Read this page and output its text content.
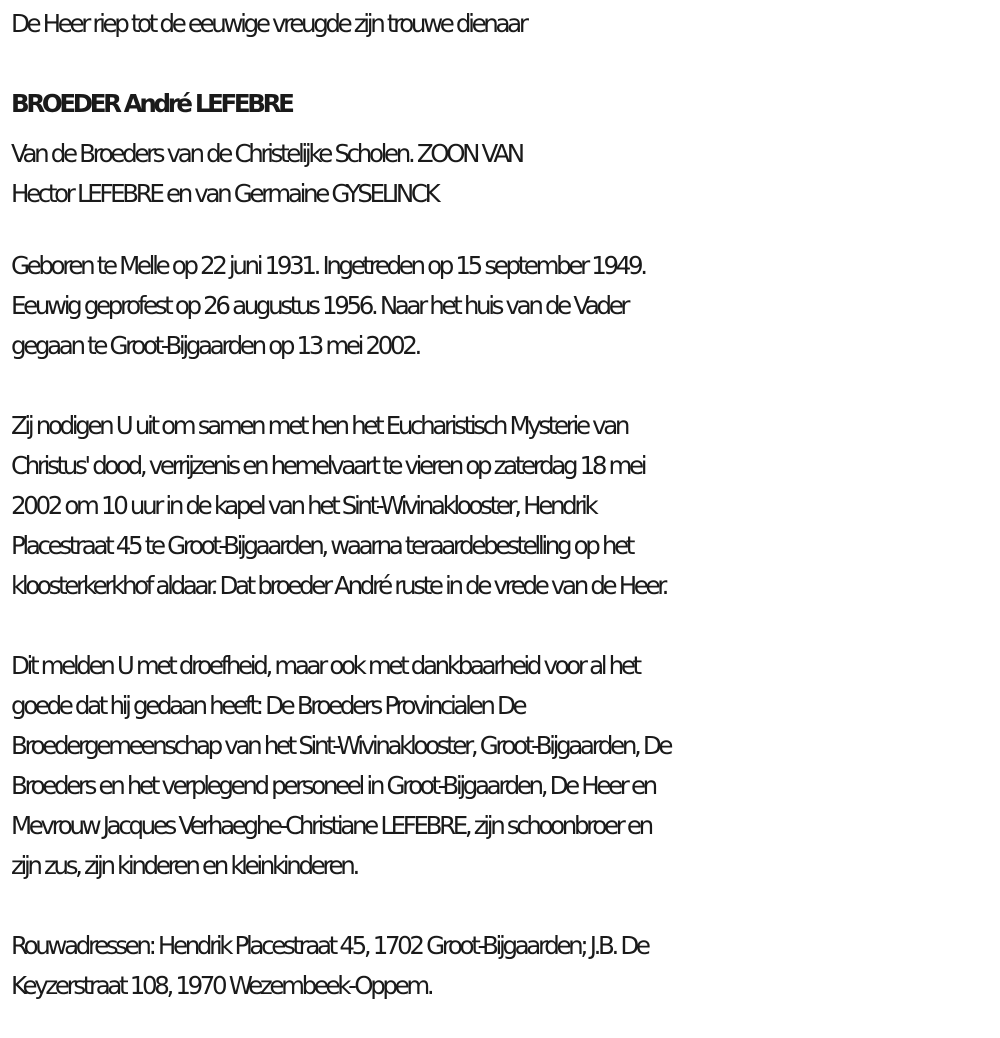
De Heer riep tot de eeuwige vreugde zijn trouwe dienaar
BROEDER André LEFEBRE
Van de Broeders van de Christelijke Scholen. ZOON VAN
Hector LEFEBRE en van Germaine GYSELINCK
Geboren te Melle op 22 juni 1931. Ingetreden op 15 september 1949.
Eeuwig geprofest op 26 augustus 1956. Naar het huis van de Vader
gegaan te Groot-Bijgaarden op 13 mei 2002.
Zij nodigen U uit om samen met hen het Eucharistisch Mysterie van
Christus' dood, verrijzenis en hemelvaart te vieren op zaterdag 18 mei
2002 om 10 uur in de kapel van het Sint-Wivinaklooster, Hendrik
Placestraat 45 te Groot-Bijgaarden, waarna teraardebestelling op het
kloosterkerkhof aldaar. Dat broeder André ruste in de vrede van de Heer.
Dit melden U met droefheid, maar ook met dankbaarheid voor al het
goede dat hij gedaan heeft: De Broeders Provincialen De
Broedergemeenschap van het Sint-Wivinaklooster, Groot-Bijgaarden, De
Broeders en het verplegend personeel in Groot-Bijgaarden, De Heer en
Mevrouw Jacques Verhaeghe-Christiane LEFEBRE, zijn schoonbroer en
zijn zus, zijn kinderen en kleinkinderen.
Rouwadressen: Hendrik Placestraat 45, 1702 Groot-Bijgaarden; J.B. De
Keyzerstraat 108, 1970 Wezembeek-Oppem.
